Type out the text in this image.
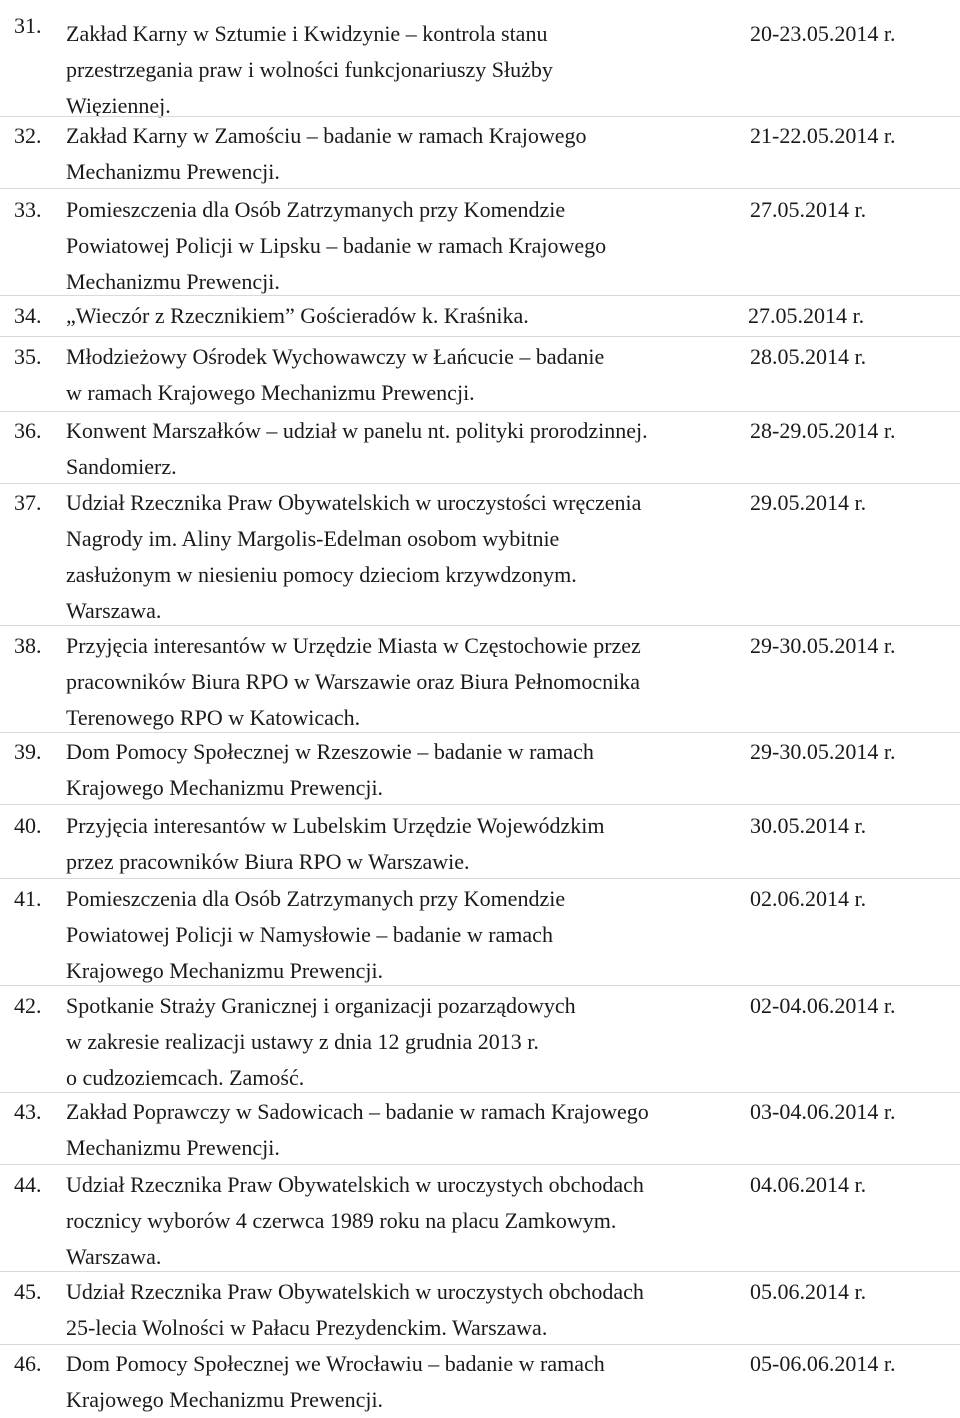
31. Zakład Karny w Sztumie i Kwidzynie – kontrola stanu
przestrzegania praw i wolności funkcjonariuszy Służby
Więziennej.
20-23.05.2014 r.
32. Zakład Karny w Zamościu – badanie w ramach Krajowego
Mechanizmu Prewencji.
21-22.05.2014 r.
33. Pomieszczenia dla Osób Zatrzymanych przy Komendzie
Powiatowej Policji w Lipsku – badanie w ramach Krajowego
Mechanizmu Prewencji.
27.05.2014 r.
34. „Wieczór z Rzecznikiem” Gościeradów k. Kraśnika.	27.05.2014 r.
35. Młodzieżowy Ośrodek Wychowawczy w Łańcucie – badanie
w ramach Krajowego Mechanizmu Prewencji.
28.05.2014 r.
36. Konwent Marszałków – udział w panelu nt. polityki prorodzinnej.
Sandomierz.
28-29.05.2014 r.
37. Udział Rzecznika Praw Obywatelskich w uroczystości wręczenia
Nagrody im. Aliny Margolis-Edelman osobom wybitnie
zasłużonym w niesieniu pomocy dzieciom krzywdzonym.
Warszawa.
29.05.2014 r.
38. Przyjęcia interesantów w Urzędzie Miasta w Częstochowie przez
pracowników Biura RPO w Warszawie oraz Biura Pełnomocnika
Terenowego RPO w Katowicach.
29-30.05.2014 r.
39. Dom Pomocy Społecznej w Rzeszowie – badanie w ramach
Krajowego Mechanizmu Prewencji.
29-30.05.2014 r.
40. Przyjęcia interesantów w Lubelskim Urzędzie Wojewódzkim
przez pracowników Biura RPO w Warszawie.
30.05.2014 r.
41. Pomieszczenia dla Osób Zatrzymanych przy Komendzie
Powiatowej Policji w Namysłowie – badanie w ramach
Krajowego Mechanizmu Prewencji.
02.06.2014 r.
42. Spotkanie Straży Granicznej i organizacji pozarządowych
w zakresie realizacji ustawy z dnia 12 grudnia 2013 r.
o cudzoziemcach. Zamość.
02-04.06.2014 r.
43. Zakład Poprawczy w Sadowicach – badanie w ramach Krajowego
Mechanizmu Prewencji.
03-04.06.2014 r.
44. Udział Rzecznika Praw Obywatelskich w uroczystych obchodach
rocznicy wyborów 4 czerwca 1989 roku na placu Zamkowym.
Warszawa.
04.06.2014 r.
45. Udział Rzecznika Praw Obywatelskich w uroczystych obchodach
25-lecia Wolności w Pałacu Prezydenckim. Warszawa.
05.06.2014 r.
46. Dom Pomocy Społecznej we Wrocławiu – badanie w ramach
Krajowego Mechanizmu Prewencji.
05-06.06.2014 r.
